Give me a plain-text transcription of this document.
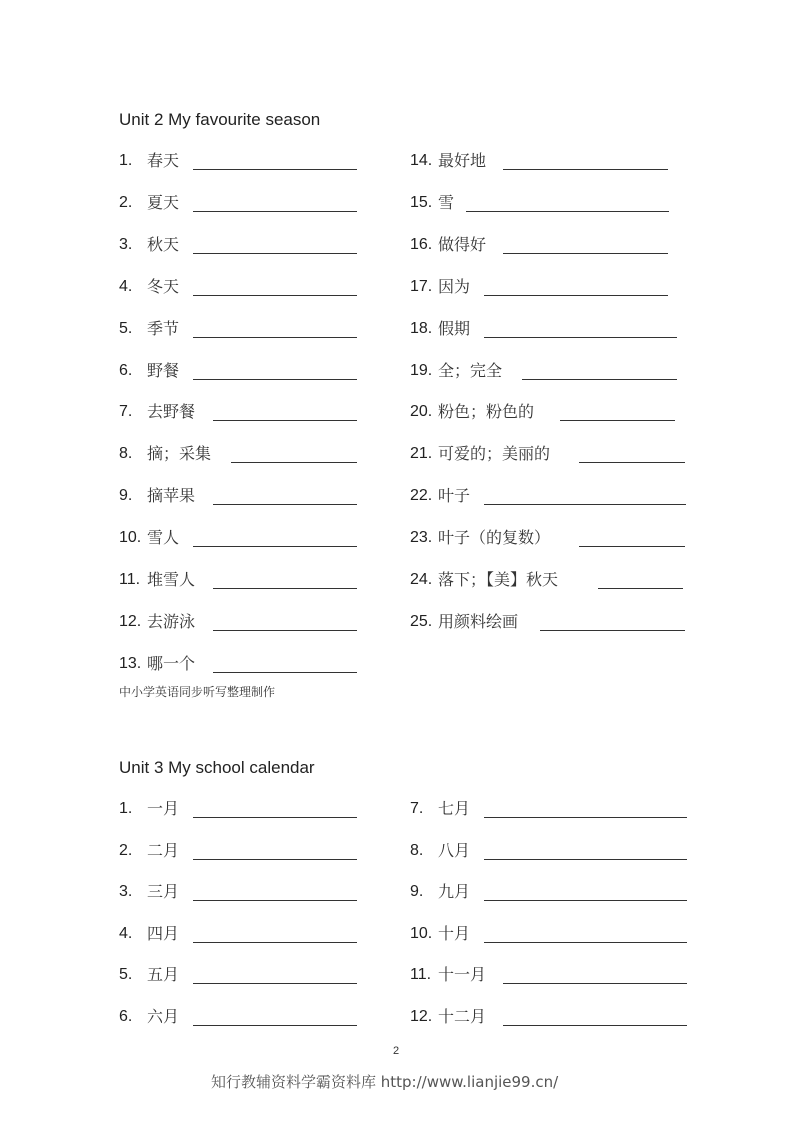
Unit 2 My favourite season
1. 春天
2. 夏天
3. 秋天
4. 冬天
5. 季节
6. 野餐
7. 去野餐
8. 摘；采集
9. 摘苹果
10. 雪人
11. 堆雪人
12. 去游泳
13. 哪一个
14. 最好地
15. 雪
16. 做得好
17. 因为
18. 假期
19. 全；完全
20. 粉色；粉色的
21. 可爱的；美丽的
22. 叶子
23. 叶子（的复数）
24. 落下；【美】秋天
25. 用颜料绘画
中小学英语同步听写整理制作
Unit 3 My school calendar
1. 一月
2. 二月
3. 三月
4. 四月
5. 五月
6. 六月
7. 七月
8. 八月
9. 九月
10. 十月
11. 十一月
12. 十二月
2
知行教辅资料学霸资料库 http://www.lianjie99.cn/
